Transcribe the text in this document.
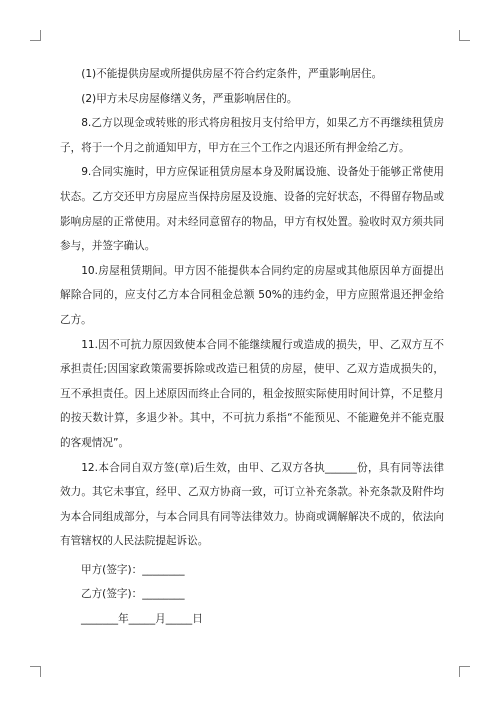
(1)不能提供房屋或所提供房屋不符合约定条件，严重影响居住。

(2)甲方未尽房屋修缮义务，严重影响居住的。

8.乙方以现金或转账的形式将房租按月支付给甲方，如果乙方不再继续租赁房子，将于一个月之前通知甲方，甲方在三个工作之内退还所有押金给乙方。

9.合同实施时，甲方应保证租赁房屋本身及附属设施、设备处于能够正常使用状态。乙方交还甲方房屋应当保持房屋及设施、设备的完好状态，不得留存物品或影响房屋的正常使用。对未经同意留存的物品，甲方有权处置。验收时双方须共同参与，并签字确认。

10.房屋租赁期间。甲方因不能提供本合同约定的房屋或其他原因单方面提出解除合同的，应支付乙方本合同租金总额 50%的违约金，甲方应照常退还押金给乙方。

11.因不可抗力原因致使本合同不能继续履行或造成的损失，甲、乙双方互不承担责任;因国家政策需要拆除或改造已租赁的房屋，使甲、乙双方造成损失的，互不承担责任。因上述原因而终止合同的，租金按照实际使用时间计算，不足整月的按天数计算，多退少补。其中，不可抗力系指“不能预见、不能避免并不能克服的客观情况”。

12.本合同自双方签(章)后生效，由甲、乙双方各执______份，具有同等法律效力。其它未事宜，经甲、乙双方协商一致，可订立补充条款。补充条款及附件均为本合同组成部分，与本合同具有同等法律效力。协商或调解解决不成的，依法向有管辖权的人民法院提起诉讼。

甲方(签字)：________

乙方(签字)：________

_______年_____月_____日
